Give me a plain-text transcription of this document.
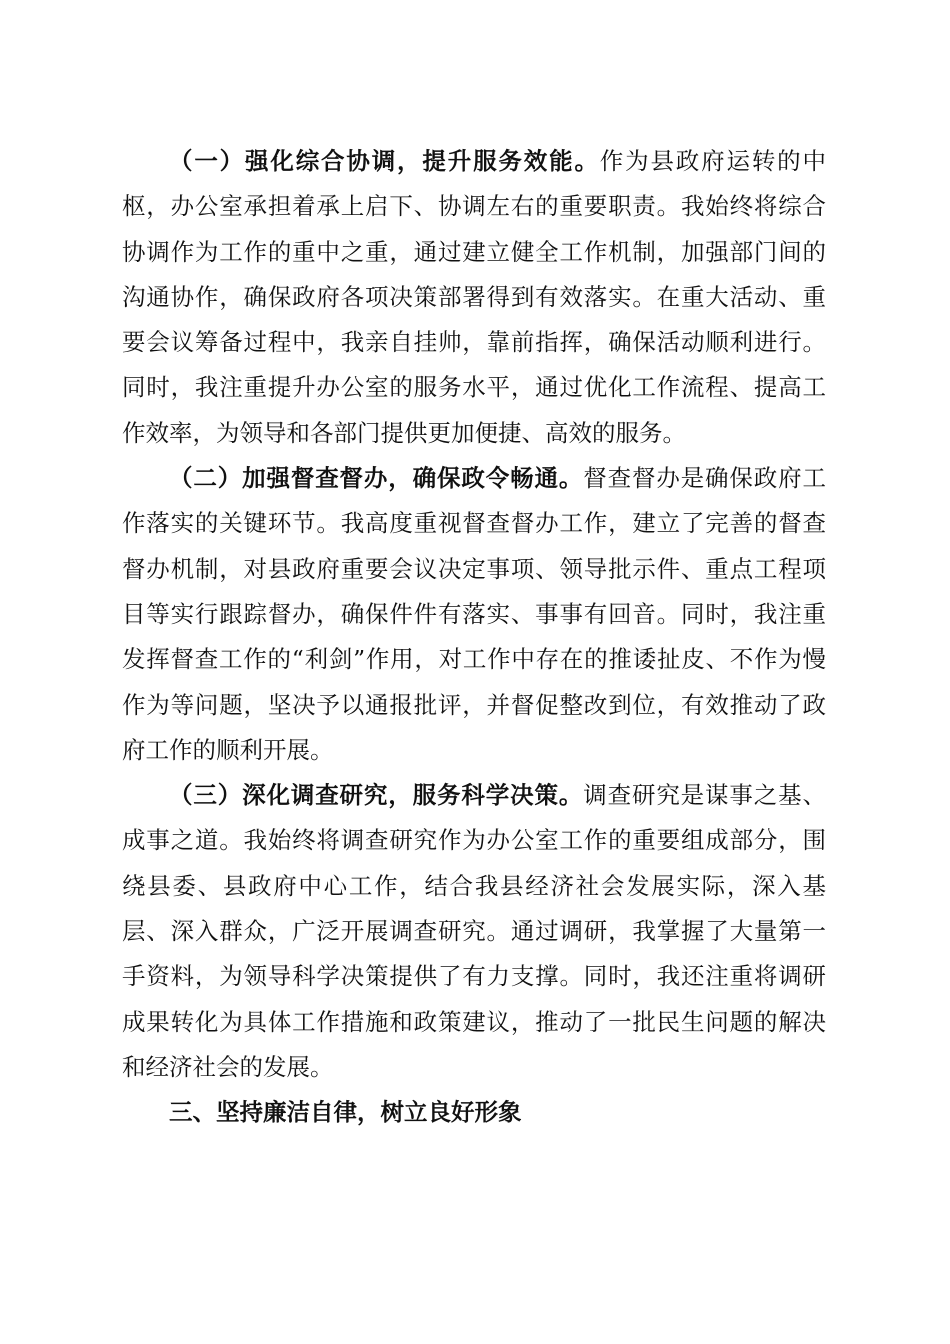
（一）强化综合协调，提升服务效能。作为县政府运转的中枢，办公室承担着承上启下、协调左右的重要职责。我始终将综合协调作为工作的重中之重，通过建立健全工作机制，加强部门间的沟通协作，确保政府各项决策部署得到有效落实。在重大活动、重要会议筹备过程中，我亲自挂帅，靠前指挥，确保活动顺利进行。同时，我注重提升办公室的服务水平，通过优化工作流程、提高工作效率，为领导和各部门提供更加便捷、高效的服务。

（二）加强督查督办，确保政令畅通。督查督办是确保政府工作落实的关键环节。我高度重视督查督办工作，建立了完善的督查督办机制，对县政府重要会议决定事项、领导批示件、重点工程项目等实行跟踪督办，确保件件有落实、事事有回音。同时，我注重发挥督查工作的“利剑”作用，对工作中存在的推诿扯皮、不作为慢作为等问题，坚决予以通报批评，并督促整改到位，有效推动了政府工作的顺利开展。

（三）深化调查研究，服务科学决策。调查研究是谋事之基、成事之道。我始终将调查研究作为办公室工作的重要组成部分，围绕县委、县政府中心工作，结合我县经济社会发展实际，深入基层、深入群众，广泛开展调查研究。通过调研，我掌握了大量第一手资料，为领导科学决策提供了有力支撑。同时，我还注重将调研成果转化为具体工作措施和政策建议，推动了一批民生问题的解决和经济社会的发展。

三、坚持廉洁自律，树立良好形象
